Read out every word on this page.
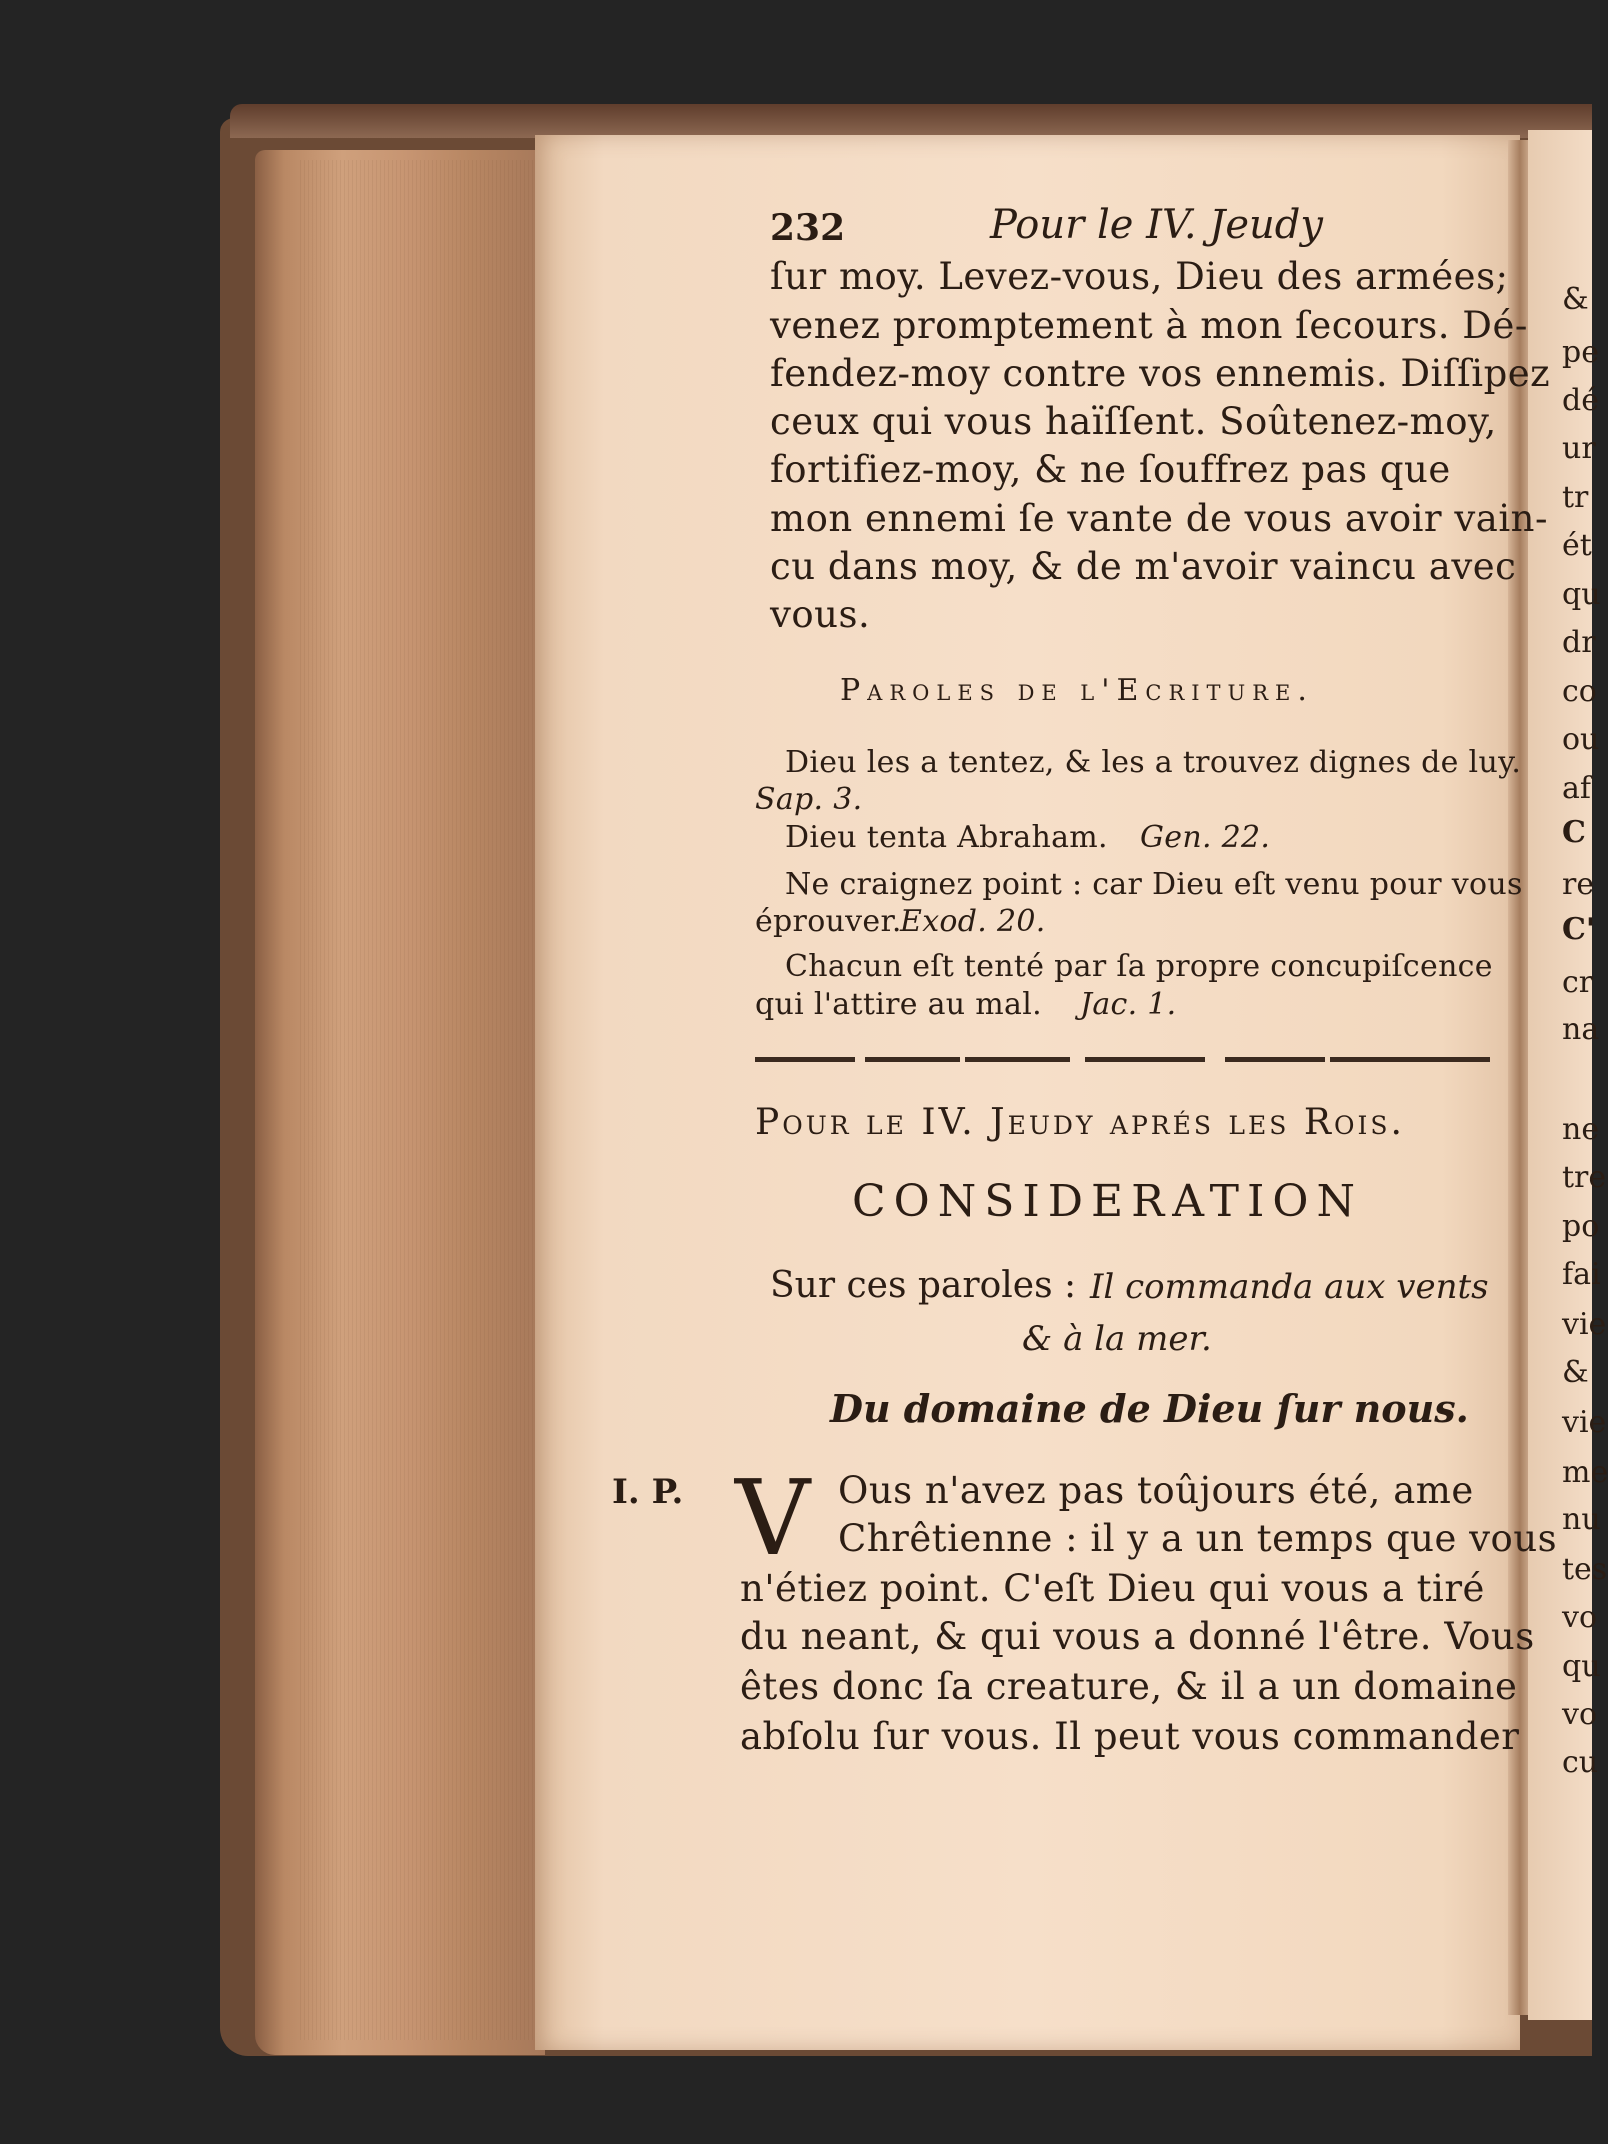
232	Pour le IV. Jeudy
ſur moy. Levez-vous, Dieu des armées;
venez promptement à mon ſecours. Dé-
fendez-moy contre vos ennemis. Diſſipez
ceux qui vous haïſſent. Soûtenez-moy,
fortifiez-moy, & ne ſouffrez pas que
mon ennemi ſe vante de vous avoir vain-
cu dans moy, & de m'avoir vaincu avec
vous.
Paroles de l'Ecriture.
Dieu les a tentez, & les a trouvez dignes de luy.
Sap. 3.
Dieu tenta Abraham. Gen. 22.
Ne craignez point : car Dieu eſt venu pour vous
éprouver.
Exod. 20.
Chacun eſt tenté par ſa propre concupiſcence
qui l'attire au mal. Jac. 1.
Pour le IV. Jeudy aprés les Rois.
CONSIDERATION
Sur ces paroles : Il commanda aux vents
& à la mer.
Du domaine de Dieu ſur nous.
I. P. V Ous n'avez pas toûjours été, ame
Chrêtienne : il y a un temps que vous
n'étiez point. C'eſt Dieu qui vous a tiré
du neant, & qui vous a donné l'être. Vous
êtes donc ſa creature, & il a un domaine
abſolu ſur vous. Il peut vous commander
&
pe
dé
ur
tr
ét
qu
dr
co
ou
af
C
re
C'
cr
na
ne
tre
po
fai
vie
&
vie
me
nu
tes
vo
qu
vo
cu
